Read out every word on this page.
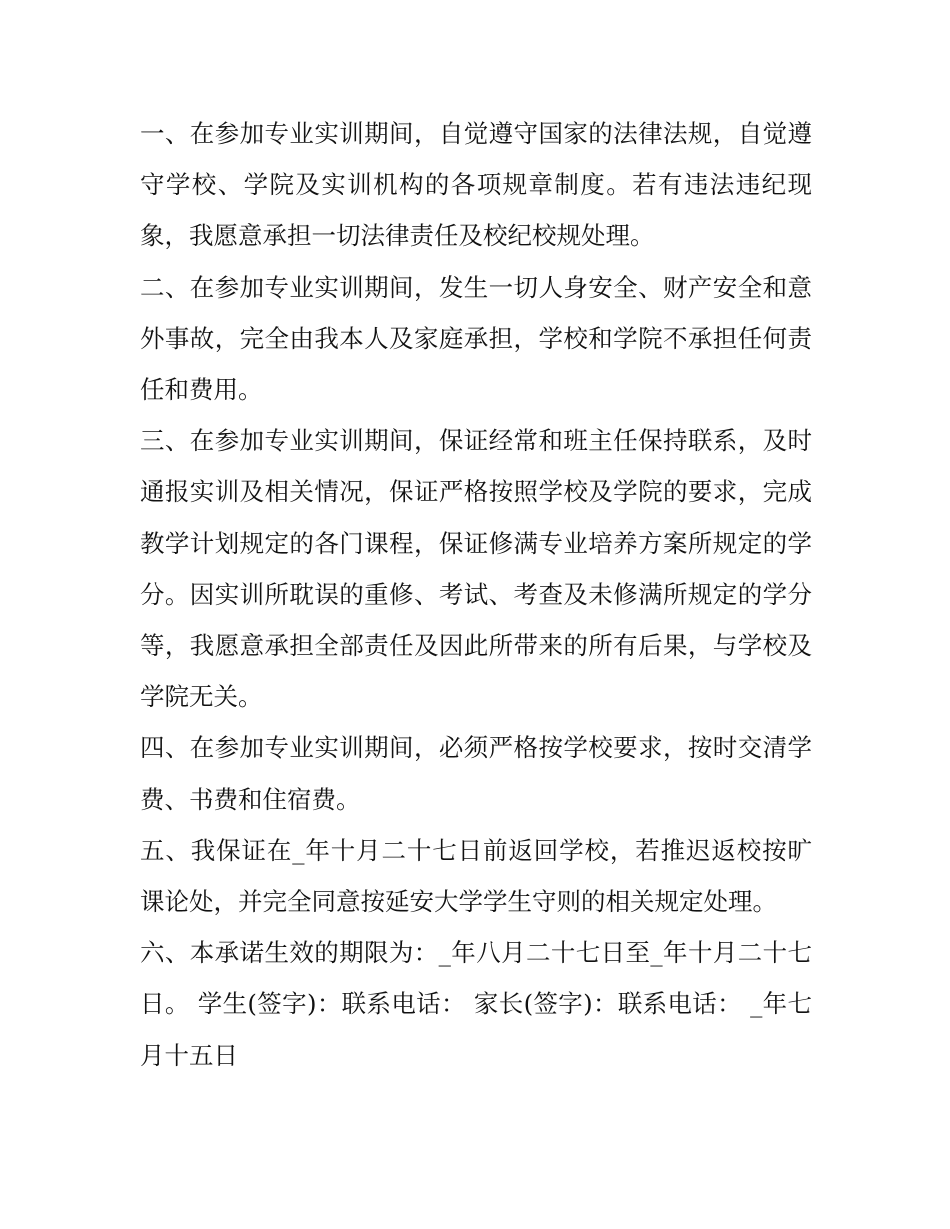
一、在参加专业实训期间，自觉遵守国家的法律法规，自觉遵守学校、学院及实训机构的各项规章制度。若有违法违纪现象，我愿意承担一切法律责任及校纪校规处理。

二、在参加专业实训期间，发生一切人身安全、财产安全和意外事故，完全由我本人及家庭承担，学校和学院不承担任何责任和费用。

三、在参加专业实训期间，保证经常和班主任保持联系，及时通报实训及相关情况，保证严格按照学校及学院的要求，完成教学计划规定的各门课程，保证修满专业培养方案所规定的学分。因实训所耽误的重修、考试、考查及未修满所规定的学分等，我愿意承担全部责任及因此所带来的所有后果，与学校及学院无关。

四、在参加专业实训期间，必须严格按学校要求，按时交清学费、书费和住宿费。

五、我保证在_年十月二十七日前返回学校，若推迟返校按旷课论处，并完全同意按延安大学学生守则的相关规定处理。

六、本承诺生效的期限为：_年八月二十七日至_年十月二十七日。 学生(签字)：联系电话： 家长(签字)：联系电话： _年七月十五日
